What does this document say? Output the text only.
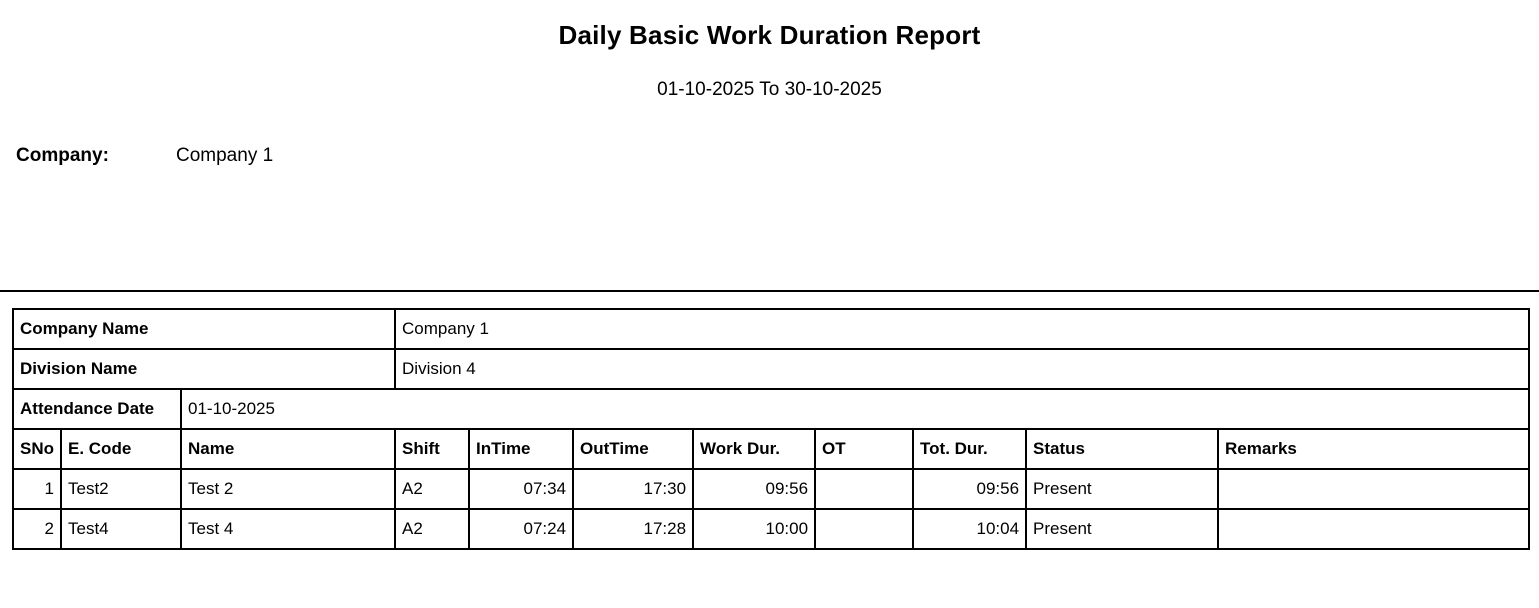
Daily Basic Work Duration Report
01-10-2025 To 30-10-2025
Company:	Company 1
Company Name			Company 1							
Division Name			Division 4							
Attendance Date		01-10-2025								
SNo	E. Code	Name	Shift	InTime	OutTime	Work Dur.	OT	Tot. Dur.	Status	Remarks
1	Test2	Test 2	A2	07:34	17:30	09:56		09:56	Present	
2	Test4	Test 4	A2	07:24	17:28	10:00		10:04	Present	
